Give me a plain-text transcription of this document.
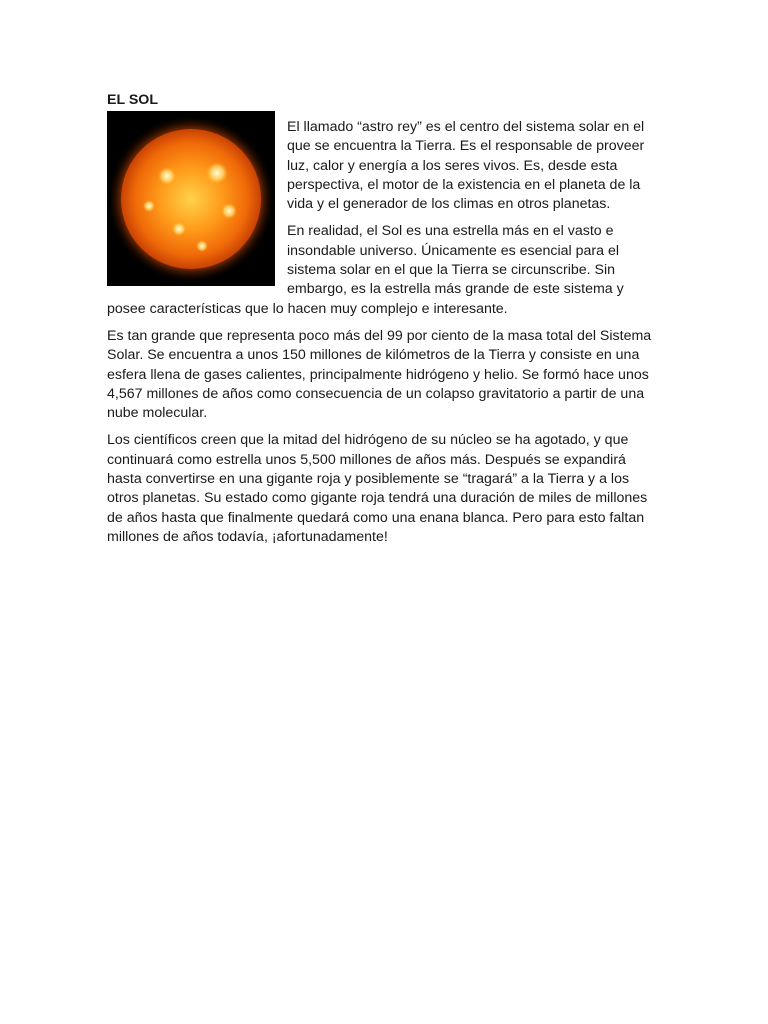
EL SOL

El llamado “astro rey” es el centro del sistema solar en el que se encuentra la Tierra. Es el responsable de proveer luz, calor y energía a los seres vivos. Es, desde esta perspectiva, el motor de la existencia en el planeta de la vida y el generador de los climas en otros planetas.

En realidad, el Sol es una estrella más en el vasto e insondable universo. Únicamente es esencial para el sistema solar en el que la Tierra se circunscribe. Sin embargo, es la estrella más grande de este sistema y posee características que lo hacen muy complejo e interesante.

Es tan grande que representa poco más del 99 por ciento de la masa total del Sistema Solar. Se encuentra a unos 150 millones de kilómetros de la Tierra y consiste en una esfera llena de gases calientes, principalmente hidrógeno y helio. Se formó hace unos 4,567 millones de años como consecuencia de un colapso gravitatorio a partir de una nube molecular.

Los científicos creen que la mitad del hidrógeno de su núcleo se ha agotado, y que continuará como estrella unos 5,500 millones de años más. Después se expandirá hasta convertirse en una gigante roja y posiblemente se “tragará” a la Tierra y a los otros planetas. Su estado como gigante roja tendrá una duración de miles de millones de años hasta que finalmente quedará como una enana blanca. Pero para esto faltan millones de años todavía, ¡afortunadamente!
